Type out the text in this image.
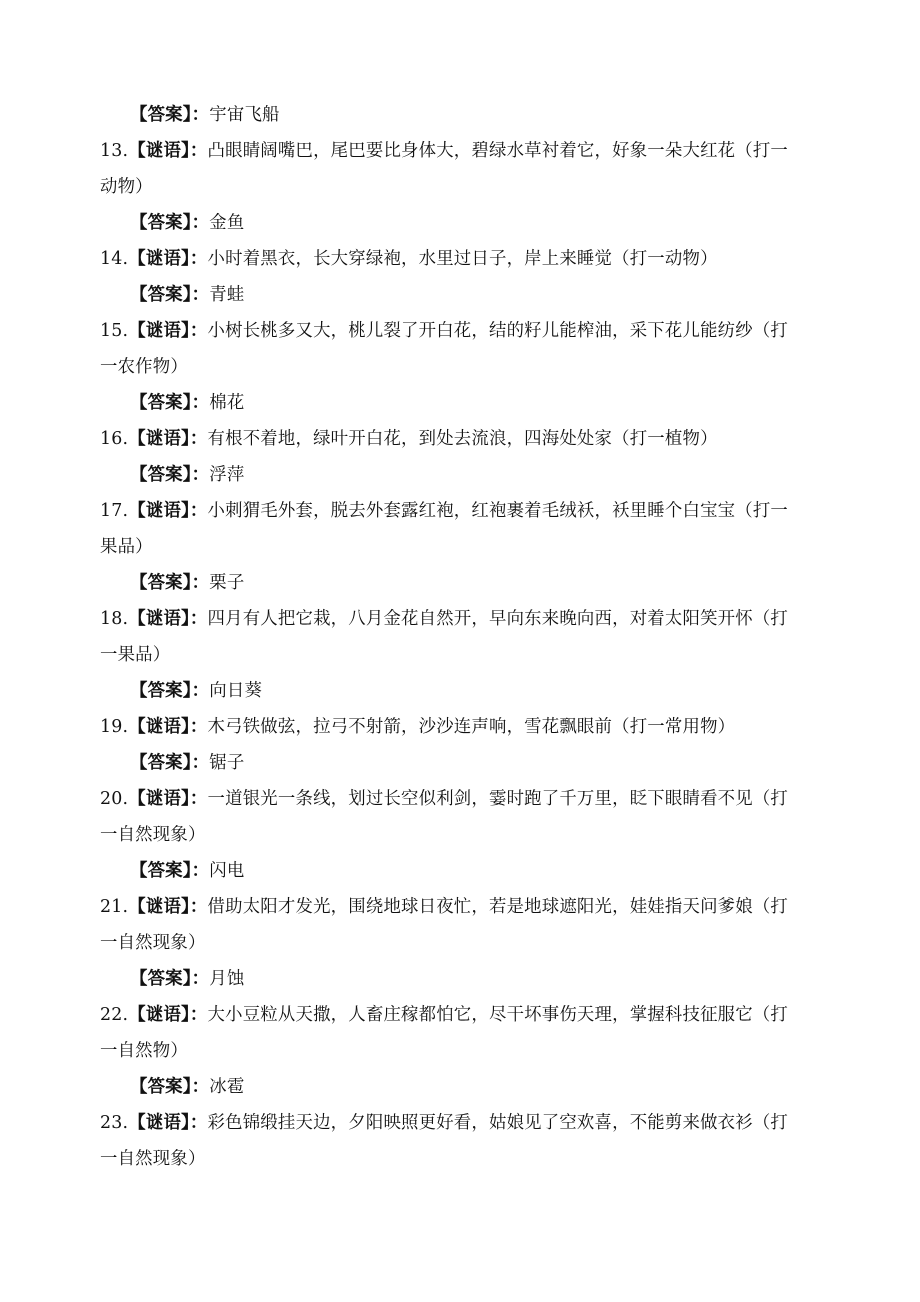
【答案】：宇宙飞船
13.【谜语】：凸眼睛阔嘴巴，尾巴要比身体大，碧绿水草衬着它，好象一朵大红花（打一
动物）
【答案】：金鱼
14.【谜语】：小时着黑衣，长大穿绿袍，水里过日子，岸上来睡觉（打一动物）
【答案】：青蛙
15.【谜语】：小树长桃多又大，桃儿裂了开白花，结的籽儿能榨油，采下花儿能纺纱（打
一农作物）
【答案】：棉花
16.【谜语】：有根不着地，绿叶开白花，到处去流浪，四海处处家（打一植物）
【答案】：浮萍
17.【谜语】：小刺猬毛外套，脱去外套露红袍，红袍裹着毛绒袄，袄里睡个白宝宝（打一
果品）
【答案】：栗子
18.【谜语】：四月有人把它栽，八月金花自然开，早向东来晚向西，对着太阳笑开怀（打
一果品）
【答案】：向日葵
19.【谜语】：木弓铁做弦，拉弓不射箭，沙沙连声响，雪花飘眼前（打一常用物）
【答案】：锯子
20.【谜语】：一道银光一条线，划过长空似利剑，霎时跑了千万里，眨下眼睛看不见（打
一自然现象）
【答案】：闪电
21.【谜语】：借助太阳才发光，围绕地球日夜忙，若是地球遮阳光，娃娃指天问爹娘（打
一自然现象）
【答案】：月蚀
22.【谜语】：大小豆粒从天撒，人畜庄稼都怕它，尽干坏事伤天理，掌握科技征服它（打
一自然物）
【答案】：冰雹
23.【谜语】：彩色锦缎挂天边，夕阳映照更好看，姑娘见了空欢喜，不能剪来做衣衫（打
一自然现象）
